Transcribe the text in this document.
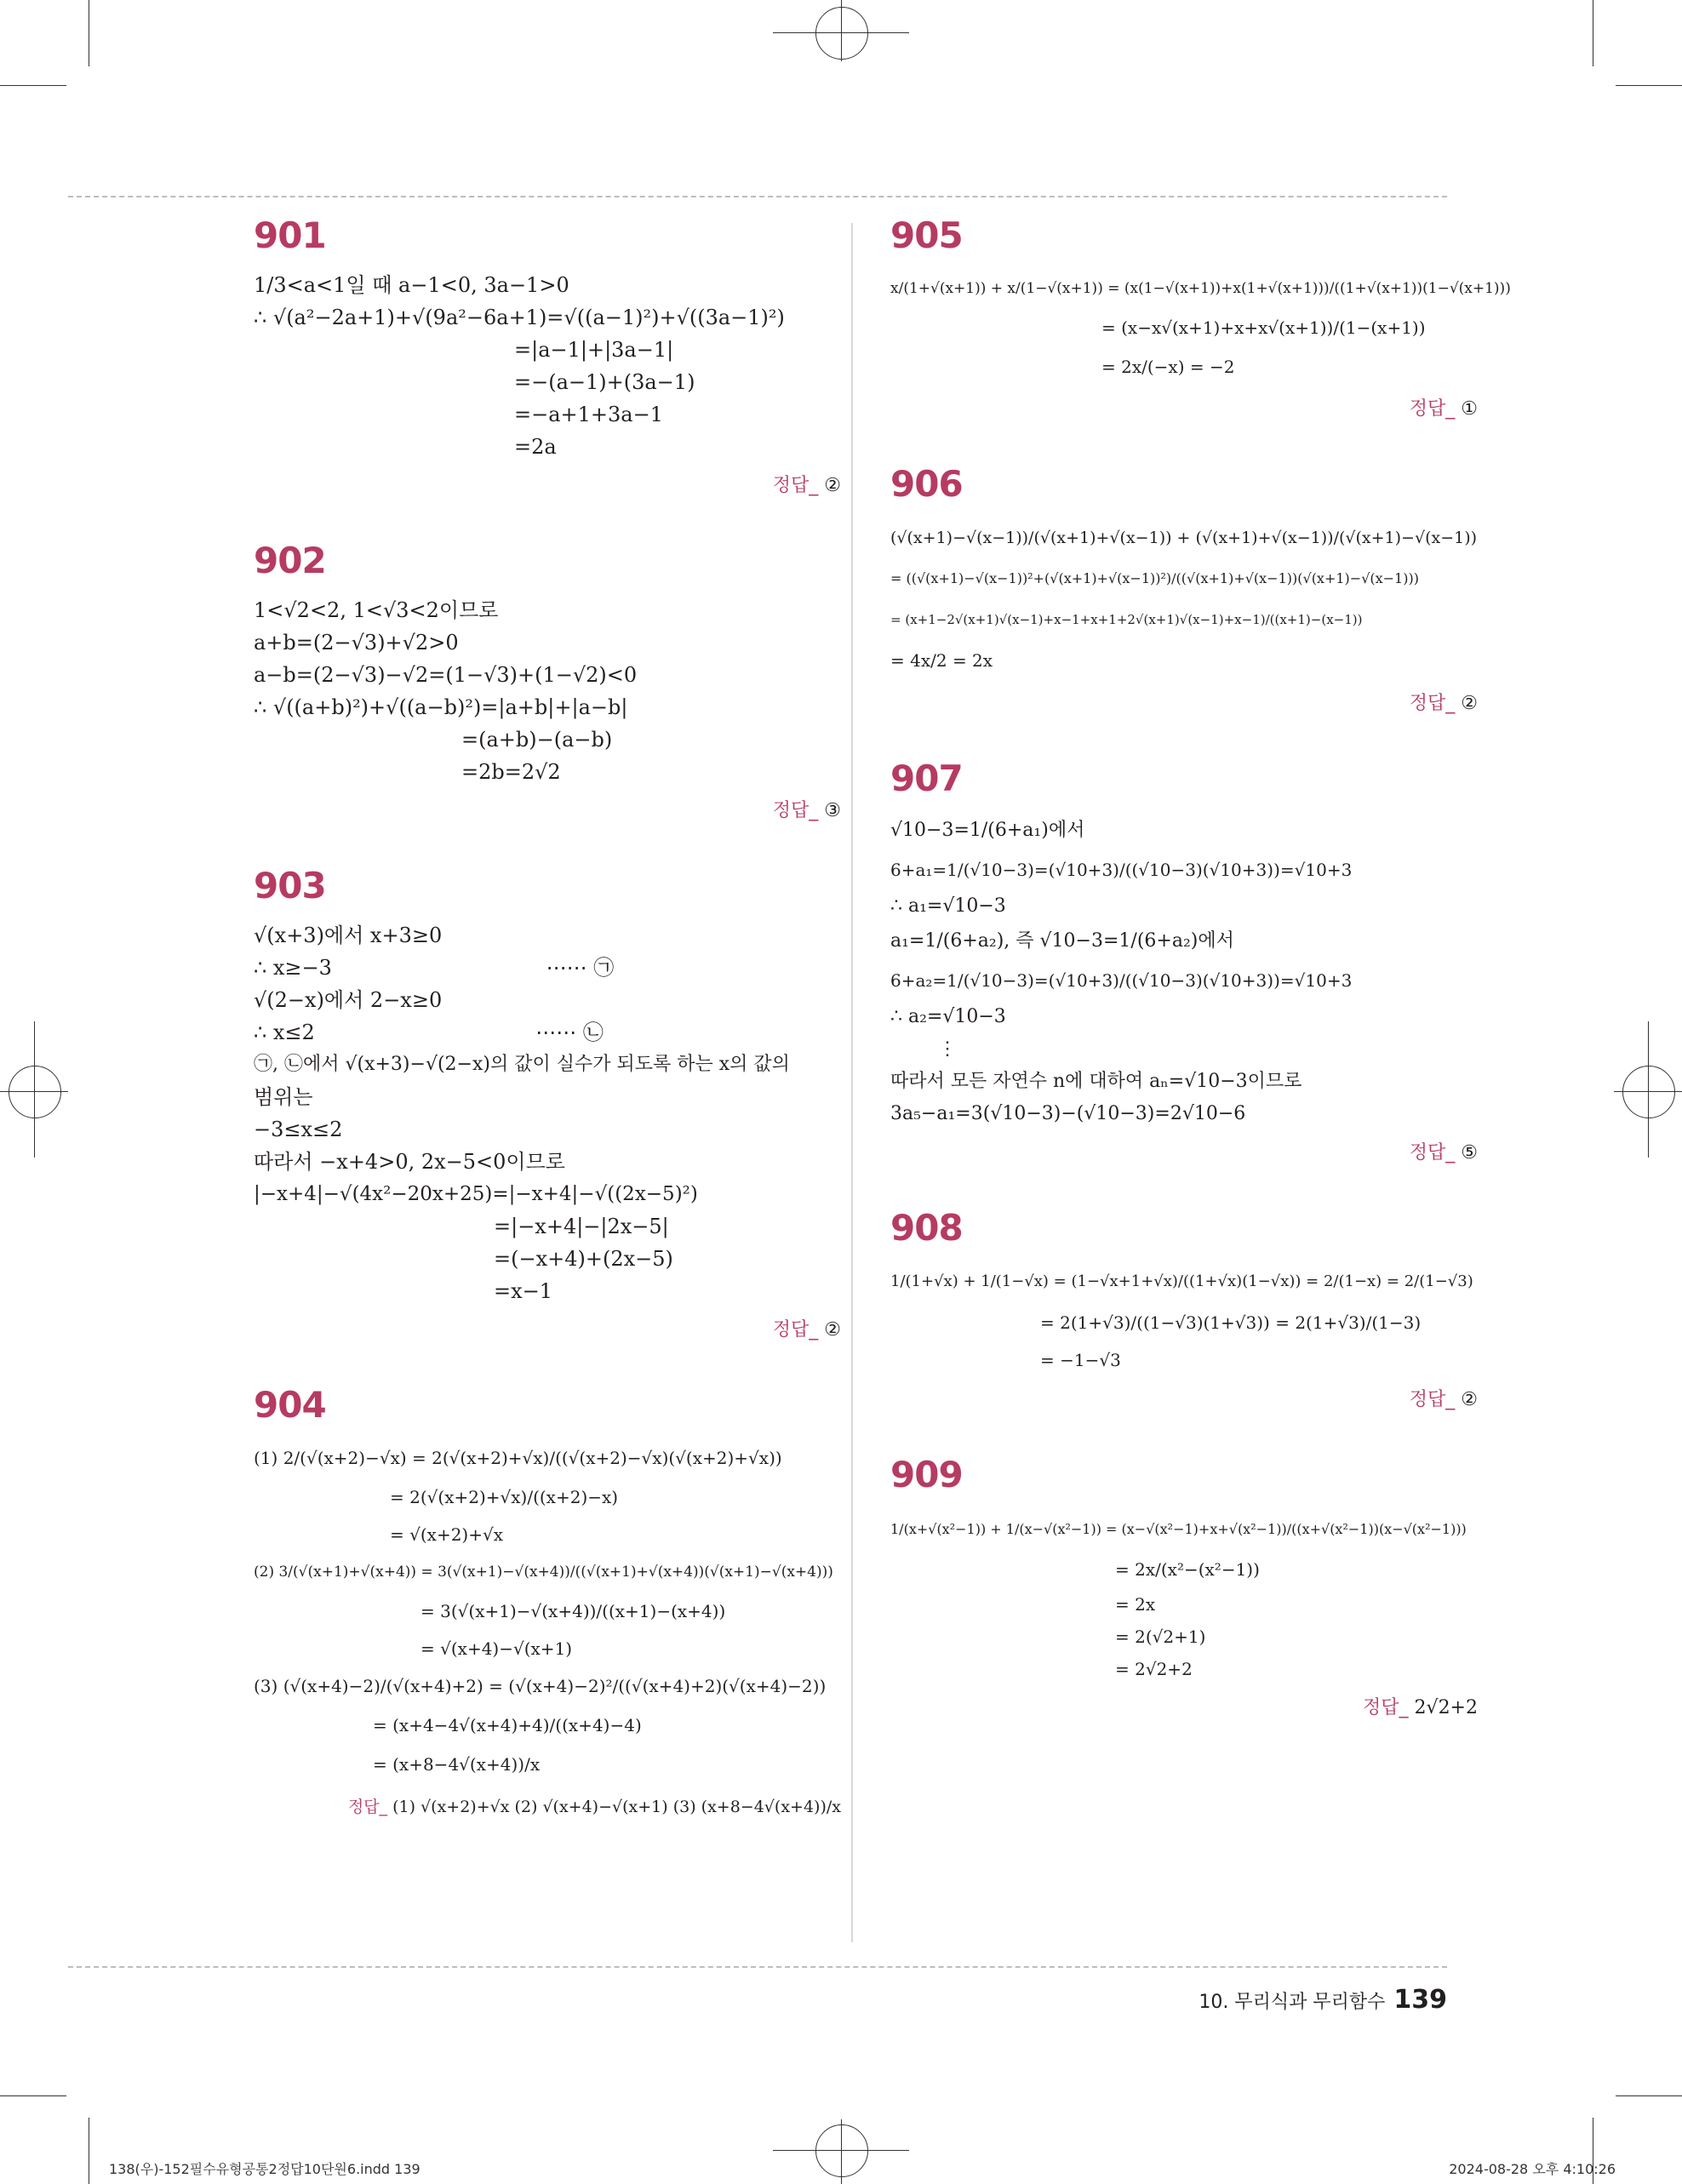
901
1/3<a<1일 때 a−1<0, 3a−1>0
∴ √(a²−2a+1)+√(9a²−6a+1)=√((a−1)²)+√((3a−1)²)
=|a−1|+|3a−1|
=−(a−1)+(3a−1)
=−a+1+3a−1
=2a
정답_ ②
902
1<√2<2, 1<√3<2이므로
a+b=(2−√3)+√2>0
a−b=(2−√3)−√2=(1−√3)+(1−√2)<0
∴ √((a+b)²)+√((a−b)²)=|a+b|+|a−b|
=(a+b)−(a−b)
=2b=2√2
정답_ ③
903
√(x+3)에서 x+3≥0
∴ x≥−3                                 ⋯⋯ ㉠
√(2−x)에서 2−x≥0
∴ x≤2                                  ⋯⋯ ㉡
㉠, ㉡에서 √(x+3)−√(2−x)의 값이 실수가 되도록 하는 x의 값의
범위는
−3≤x≤2
따라서 −x+4>0, 2x−5<0이므로
|−x+4|−√(4x²−20x+25)=|−x+4|−√((2x−5)²)
=|−x+4|−|2x−5|
=(−x+4)+(2x−5)
=x−1
정답_ ②
904
(1) 2/(√(x+2)−√x) = 2(√(x+2)+√x)/((√(x+2)−√x)(√(x+2)+√x))
= 2(√(x+2)+√x)/((x+2)−x)
= √(x+2)+√x
(2) 3/(√(x+1)+√(x+4)) = 3(√(x+1)−√(x+4))/((√(x+1)+√(x+4))(√(x+1)−√(x+4)))
= 3(√(x+1)−√(x+4))/((x+1)−(x+4))
= √(x+4)−√(x+1)
(3) (√(x+4)−2)/(√(x+4)+2) = (√(x+4)−2)²/((√(x+4)+2)(√(x+4)−2))
= (x+4−4√(x+4)+4)/((x+4)−4)
= (x+8−4√(x+4))/x
정답_ (1) √(x+2)+√x (2) √(x+4)−√(x+1) (3) (x+8−4√(x+4))/x
905
x/(1+√(x+1)) + x/(1−√(x+1)) = (x(1−√(x+1))+x(1+√(x+1)))/((1+√(x+1))(1−√(x+1)))
= (x−x√(x+1)+x+x√(x+1))/(1−(x+1))
= 2x/(−x) = −2
정답_ ①
906
(√(x+1)−√(x−1))/(√(x+1)+√(x−1)) + (√(x+1)+√(x−1))/(√(x+1)−√(x−1))
= ((√(x+1)−√(x−1))²+(√(x+1)+√(x−1))²)/((√(x+1)+√(x−1))(√(x+1)−√(x−1)))
= (x+1−2√(x+1)√(x−1)+x−1+x+1+2√(x+1)√(x−1)+x−1)/((x+1)−(x−1))
= 4x/2 = 2x
정답_ ②
907
√10−3=1/(6+a₁)에서
6+a₁=1/(√10−3)=(√10+3)/((√10−3)(√10+3))=√10+3
∴ a₁=√10−3
a₁=1/(6+a₂), 즉 √10−3=1/(6+a₂)에서
6+a₂=1/(√10−3)=(√10+3)/((√10−3)(√10+3))=√10+3
∴ a₂=√10−3
⋮
따라서 모든 자연수 n에 대하여 aₙ=√10−3이므로
3a₅−a₁=3(√10−3)−(√10−3)=2√10−6
정답_ ⑤
908
1/(1+√x) + 1/(1−√x) = (1−√x+1+√x)/((1+√x)(1−√x)) = 2/(1−x) = 2/(1−√3)
= 2(1+√3)/((1−√3)(1+√3)) = 2(1+√3)/(1−3)
= −1−√3
정답_ ②
909
1/(x+√(x²−1)) + 1/(x−√(x²−1)) = (x−√(x²−1)+x+√(x²−1))/((x+√(x²−1))(x−√(x²−1)))
= 2x/(x²−(x²−1))
= 2x
= 2(√2+1)
= 2√2+2
정답_ 2√2+2
10. 무리식과 무리함수 139
138(우)-152필수유형공통2정답10단원6.indd 139	2024-08-28 오후 4:10:26
